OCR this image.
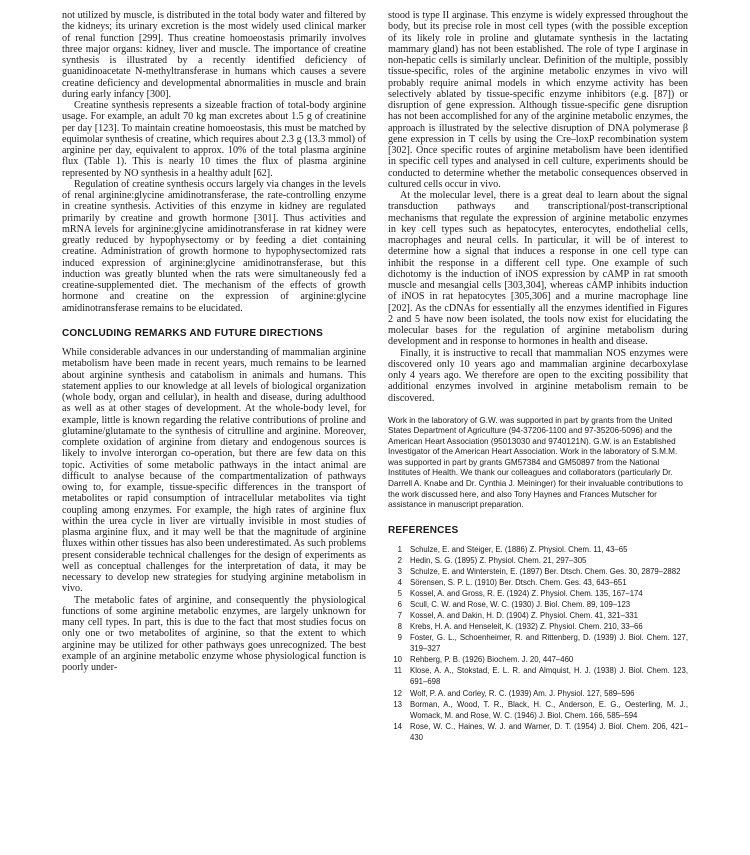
not utilized by muscle, is distributed in the total body water and filtered by the kidneys; its urinary excretion is the most widely used clinical marker of renal function [299]. Thus creatine homoeostasis primarily involves three major organs: kidney, liver and muscle. The importance of creatine synthesis is illustrated by a recently identified deficiency of guanidinoacetate N-methyltransferase in humans which causes a severe creatine deficiency and developmental abnormalities in muscle and brain during early infancy [300].

Creatine synthesis represents a sizeable fraction of total-body arginine usage. For example, an adult 70 kg man excretes about 1.5 g of creatinine per day [123]. To maintain creatine homoeostasis, this must be matched by equimolar synthesis of creatine, which requires about 2.3 g (13.3 mmol) of arginine per day, equivalent to approx. 10% of the total plasma arginine flux (Table 1). This is nearly 10 times the flux of plasma arginine represented by NO synthesis in a healthy adult [62].

Regulation of creatine synthesis occurs largely via changes in the levels of renal arginine:glycine amidinotransferase, the rate-controlling enzyme in creatine synthesis. Activities of this enzyme in kidney are regulated primarily by creatine and growth hormone [301]. Thus activities and mRNA levels for arginine:glycine amidinotransferase in rat kidney were greatly reduced by hypophysectomy or by feeding a diet containing creatine. Administration of growth hormone to hypophysectomized rats induced expression of arginine:glycine amidinotransferase, but this induction was greatly blunted when the rats were simultaneously fed a creatine-supplemented diet. The mechanism of the effects of growth hormone and creatine on the expression of arginine:glycine amidinotransferase remains to be elucidated.

CONCLUDING REMARKS AND FUTURE DIRECTIONS

While considerable advances in our understanding of mammalian arginine metabolism have been made in recent years, much remains to be learned about arginine synthesis and catabolism in animals and humans. This statement applies to our knowledge at all levels of biological organization (whole body, organ and cellular), in health and disease, during adulthood as well as at other stages of development. At the whole-body level, for example, little is known regarding the relative contributions of proline and glutamine/glutamate to the synthesis of citrulline and arginine. Moreover, complete oxidation of arginine from dietary and endogenous sources is likely to involve interorgan co-operation, but there are few data on this topic. Activities of some metabolic pathways in the intact animal are difficult to analyse because of the compartmentalization of pathways owing to, for example, tissue-specific differences in the transport of metabolites or rapid consumption of intracellular metabolites via tight coupling among enzymes. For example, the high rates of arginine flux within the urea cycle in liver are virtually invisible in most studies of plasma arginine flux, and it may well be that the magnitude of arginine fluxes within other tissues has also been underestimated. As such problems present considerable technical challenges for the design of experiments as well as conceptual challenges for the interpretation of data, it may be necessary to develop new strategies for studying arginine metabolism in vivo.

The metabolic fates of arginine, and consequently the physiological functions of some arginine metabolic enzymes, are largely unknown for many cell types. In part, this is due to the fact that most studies focus on only one or two metabolites of arginine, so that the extent to which arginine may be utilized for other pathways goes unrecognized. The best example of an arginine metabolic enzyme whose physiological function is poorly under-

stood is type II arginase. This enzyme is widely expressed throughout the body, but its precise role in most cell types (with the possible exception of its likely role in proline and glutamate synthesis in the lactating mammary gland) has not been established. The role of type I arginase in non-hepatic cells is similarly unclear. Definition of the multiple, possibly tissue-specific, roles of the arginine metabolic enzymes in vivo will probably require animal models in which enzyme activity has been selectively ablated by tissue-specific enzyme inhibitors (e.g. [87]) or disruption of gene expression. Although tissue-specific gene disruption has not been accomplished for any of the arginine metabolic enzymes, the approach is illustrated by the selective disruption of DNA polymerase β gene expression in T cells by using the Cre–loxP recombination system [302]. Once specific routes of arginine metabolism have been identified in specific cell types and analysed in cell culture, experiments should be conducted to determine whether the metabolic consequences observed in cultured cells occur in vivo.

At the molecular level, there is a great deal to learn about the signal transduction pathways and transcriptional/post-transcriptional mechanisms that regulate the expression of arginine metabolic enzymes in key cell types such as hepatocytes, enterocytes, endothelial cells, macrophages and neural cells. In particular, it will be of interest to determine how a signal that induces a response in one cell type can inhibit the response in a different cell type. One example of such dichotomy is the induction of iNOS expression by cAMP in rat smooth muscle and mesangial cells [303,304], whereas cAMP inhibits induction of iNOS in rat hepatocytes [305,306] and a murine macrophage line [202]. As the cDNAs for essentially all the enzymes identified in Figures 2 and 5 have now been isolated, the tools now exist for elucidating the molecular bases for the regulation of arginine metabolism during development and in response to hormones in health and disease.

Finally, it is instructive to recall that mammalian NOS enzymes were discovered only 10 years ago and mammalian arginine decarboxylase only 4 years ago. We therefore are open to the exciting possibility that additional enzymes involved in arginine metabolism remain to be discovered.

Work in the laboratory of G.W. was supported in part by grants from the United States Department of Agriculture (94-37206-1100 and 97-35206-5096) and the American Heart Association (95013030 and 9740121N). G.W. is an Established Investigator of the American Heart Association. Work in the laboratory of S.M.M. was supported in part by grants GM57384 and GM50897 from the National Institutes of Health. We thank our colleagues and collaborators (particularly Dr. Darrell A. Knabe and Dr. Cynthia J. Meininger) for their invaluable contributions to the work discussed here, and also Tony Haynes and Frances Mutscher for assistance in manuscript preparation.
REFERENCES
1	Schulze, E. and Steiger, E. (1886) Z. Physiol. Chem. 11, 43–65
2	Hedin, S. G. (1895) Z. Physiol. Chem. 21, 297–305
3	Schulze, E. and Winterstein, E. (1897) Ber. Dtsch. Chem. Ges. 30, 2879–2882
4	Sörensen, S. P. L. (1910) Ber. Dtsch. Chem. Ges. 43, 643–651
5	Kossel, A. and Gross, R. E. (1924) Z. Physiol. Chem. 135, 167–174
6	Scull, C. W. and Rose, W. C. (1930) J. Biol. Chem. 89, 109–123
7	Kossel, A. and Dakin, H. D. (1904) Z. Physiol. Chem. 41, 321–331
8	Krebs, H. A. and Henseleit, K. (1932) Z. Physiol. Chem. 210, 33–66
9	Foster, G. L., Schoenheimer, R. and Rittenberg, D. (1939) J. Biol. Chem. 127, 319–327
10	Rehberg, P. B. (1926) Biochem. J. 20, 447–460
11	Klose, A. A., Stokstad, E. L. R. and Almquist, H. J. (1938) J. Biol. Chem. 123, 691–698
12	Wolf, P. A. and Corley, R. C. (1939) Am. J. Physiol. 127, 589–596
13	Borman, A., Wood, T. R., Black, H. C., Anderson, E. G., Oesterling, M. J., Womack, M. and Rose, W. C. (1946) J. Biol. Chem. 166, 585–594
14	Rose, W. C., Haines, W. J. and Warner, D. T. (1954) J. Biol. Chem. 206, 421–430
